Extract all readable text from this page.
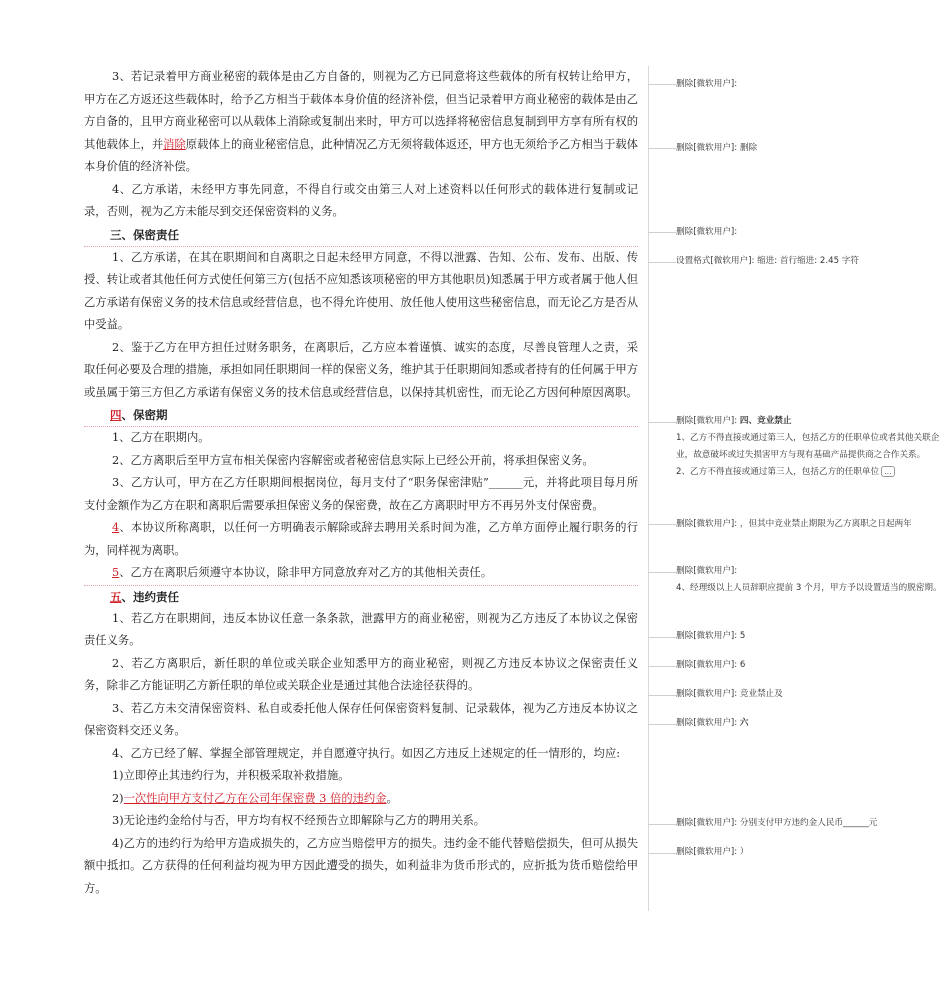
3、若记录着甲方商业秘密的载体是由乙方自备的，则视为乙方已同意将这些载体的所有权转让给甲方，甲方在乙方返还这些载体时，给予乙方相当于载体本身价值的经济补偿，但当记录着甲方商业秘密的载体是由乙方自备的，且甲方商业秘密可以从载体上消除或复制出来时，甲方可以选择将秘密信息复制到甲方享有所有权的其他载体上，并消除原载体上的商业秘密信息，此种情况乙方无须将载体返还，甲方也无须给予乙方相当于载体本身价值的经济补偿。

4、乙方承诺，未经甲方事先同意，不得自行或交由第三人对上述资料以任何形式的载体进行复制或记录，否则，视为乙方未能尽到交还保密资料的义务。

三、保密责任

1、乙方承诺，在其在职期间和自离职之日起未经甲方同意，不得以泄露、告知、公布、发布、出版、传授、转让或者其他任何方式使任何第三方(包括不应知悉该项秘密的甲方其他职员)知悉属于甲方或者属于他人但乙方承诺有保密义务的技术信息或经营信息，也不得允许使用、放任他人使用这些秘密信息，而无论乙方是否从中受益。

2、鉴于乙方在甲方担任过财务职务，在离职后，乙方应本着谨慎、诚实的态度，尽善良管理人之责，采取任何必要及合理的措施，承担如同任职期间一样的保密义务，维护其于任职期间知悉或者持有的任何属于甲方或虽属于第三方但乙方承诺有保密义务的技术信息或经营信息，以保持其机密性，而无论乙方因何种原因离职。

四、保密期

1、乙方在职期内。

2、乙方离职后至甲方宣布相关保密内容解密或者秘密信息实际上已经公开前，将承担保密义务。

3、乙方认可，甲方在乙方任职期间根据岗位，每月支付了“职务保密津贴”______元，并将此项目每月所支付金额作为乙方在职和离职后需要承担保密义务的保密费，故在乙方离职时甲方不再另外支付保密费。

4、本协议所称离职，以任何一方明确表示解除或辞去聘用关系时间为准，乙方单方面停止履行职务的行为，同样视为离职。

5、乙方在离职后须遵守本协议，除非甲方同意放弃对乙方的其他相关责任。

五、违约责任

1、若乙方在职期间，违反本协议任意一条条款，泄露甲方的商业秘密，则视为乙方违反了本协议之保密责任义务。

2、若乙方离职后，新任职的单位或关联企业知悉甲方的商业秘密，则视乙方违反本协议之保密责任义务，除非乙方能证明乙方新任职的单位或关联企业是通过其他合法途径获得的。

3、若乙方未交清保密资料、私自或委托他人保存任何保密资料复制、记录载体，视为乙方违反本协议之保密资料交还义务。

4、乙方已经了解、掌握全部管理规定，并自愿遵守执行。如因乙方违反上述规定的任一情形的，均应:

1)立即停止其违约行为，并积极采取补救措施。

2)一次性向甲方支付乙方在公司年保密费 3 倍的违约金。

3)无论违约金给付与否，甲方均有权不经预告立即解除与乙方的聘用关系。

4)乙方的违约行为给甲方造成损失的，乙方应当赔偿甲方的损失。违约金不能代替赔偿损失，但可从损失额中抵扣。乙方获得的任何利益均视为甲方因此遭受的损失，如利益非为货币形式的，应折抵为货币赔偿给甲方。

删除[微软用户]:
删除[微软用户]: 删除
删除[微软用户]:
设置格式[微软用户]: 缩进: 首行缩进: 2.45 字符
删除[微软用户]: 四、竞业禁止
1、乙方不得直接或通过第三人，包括乙方的任职单位或者其他关联企业，故意破坏或过失损害甲方与现有基础产品提供商之合作关系。
2、乙方不得直接或通过第三人，包括乙方的任职单位 ...
删除[微软用户]: ，但其中竞业禁止期限为乙方离职之日起两年
删除[微软用户]:
4、经理级以上人员辞职应提前 3 个月，甲方予以设置适当的脱密期。
删除[微软用户]: 5
删除[微软用户]: 6
删除[微软用户]: 竞业禁止及
删除[微软用户]: 六
删除[微软用户]: 分别支付甲方违约金人民币______元
删除[微软用户]: ）
